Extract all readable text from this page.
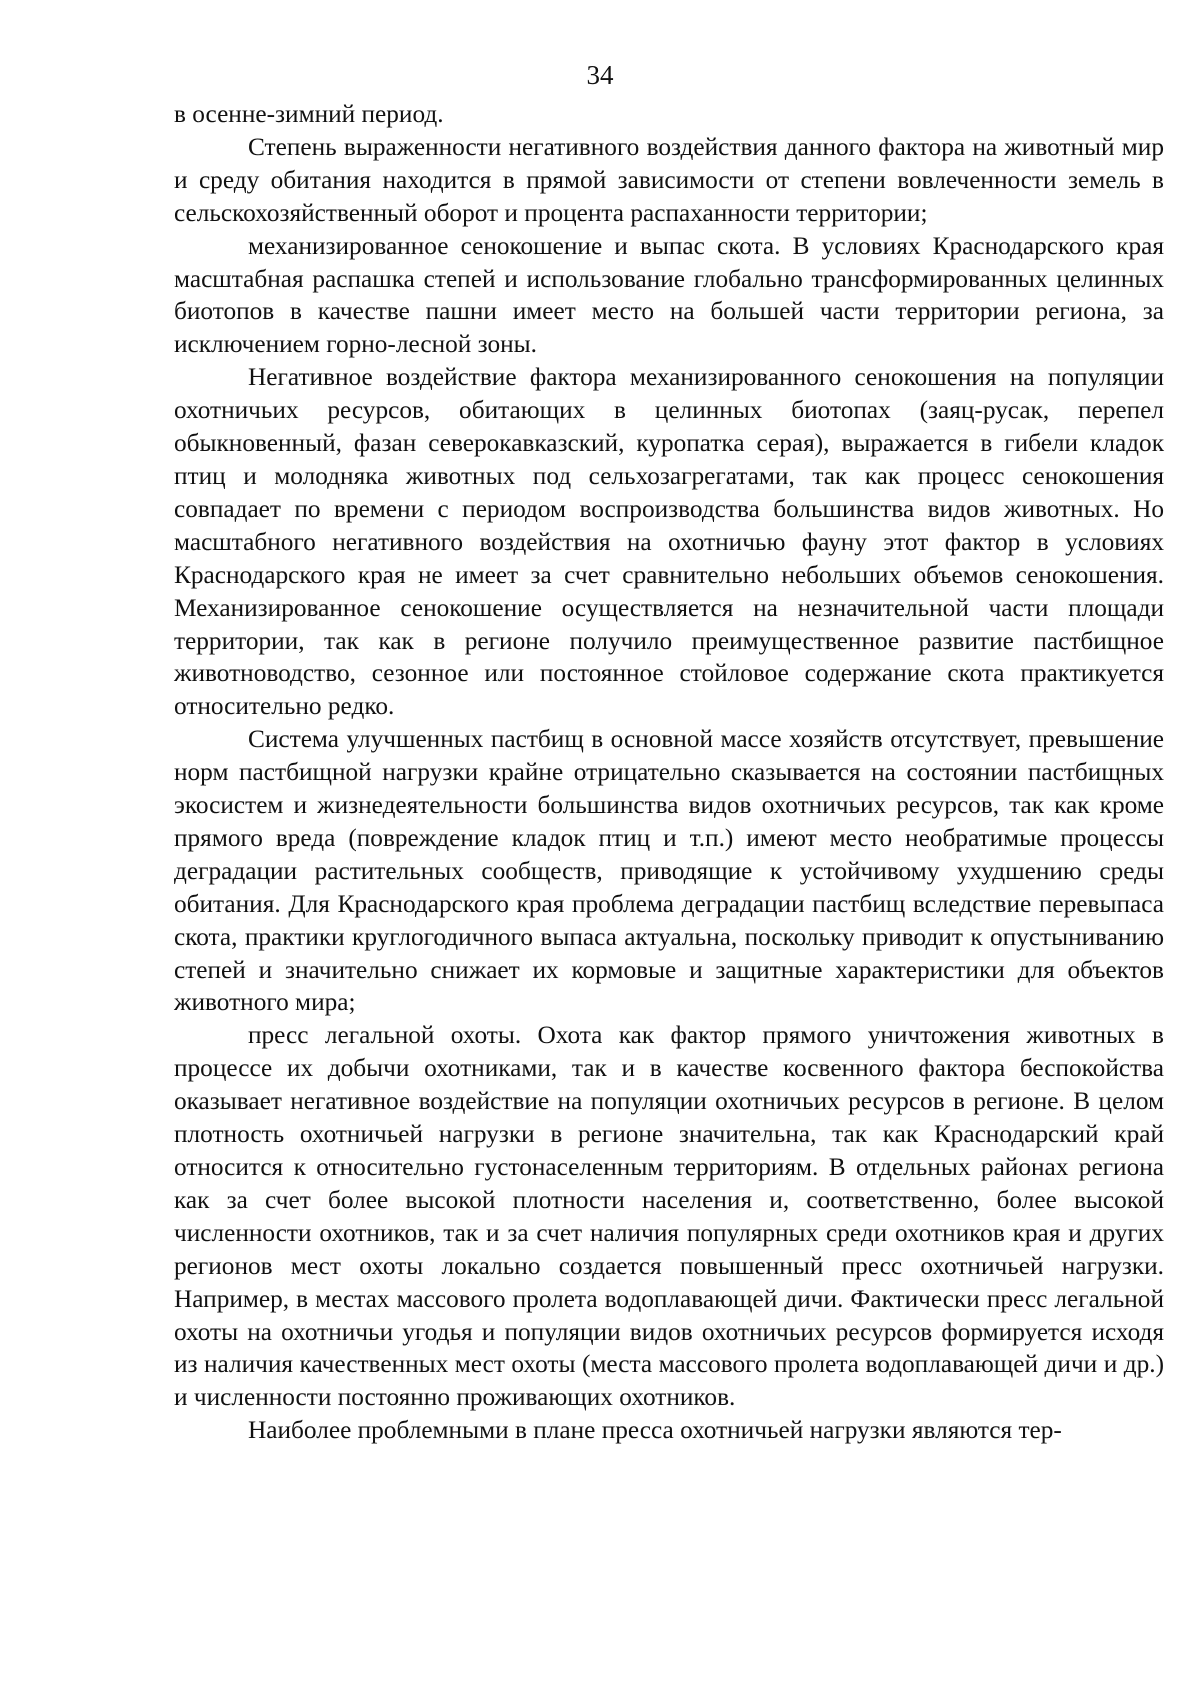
34

в осенне-зимний период.

Степень выраженности негативного воздействия данного фактора на животный мир и среду обитания находится в прямой зависимости от степени вовлеченности земель в сельскохозяйственный оборот и процента распаханности территории;

механизированное сенокошение и выпас скота. В условиях Краснодарского края масштабная распашка степей и использование глобально трансформированных целинных биотопов в качестве пашни имеет место на большей части территории региона, за исключением горно-лесной зоны.

Негативное воздействие фактора механизированного сенокошения на популяции охотничьих ресурсов, обитающих в целинных биотопах (заяц-русак, перепел обыкновенный, фазан северокавказский, куропатка серая), выражается в гибели кладок птиц и молодняка животных под сельхозагрегатами, так как процесс сенокошения совпадает по времени с периодом воспроизводства большинства видов животных. Но масштабного негативного воздействия на охотничью фауну этот фактор в условиях Краснодарского края не имеет за счет сравнительно небольших объемов сенокошения. Механизированное сенокошение осуществляется на незначительной части площади территории, так как в регионе получило преимущественное развитие пастбищное животноводство, сезонное или постоянное стойловое содержание скота практикуется относительно редко.

Система улучшенных пастбищ в основной массе хозяйств отсутствует, превышение норм пастбищной нагрузки крайне отрицательно сказывается на состоянии пастбищных экосистем и жизнедеятельности большинства видов охотничьих ресурсов, так как кроме прямого вреда (повреждение кладок птиц и т.п.) имеют место необратимые процессы деградации растительных сообществ, приводящие к устойчивому ухудшению среды обитания. Для Краснодарского края проблема деградации пастбищ вследствие перевыпаса скота, практики круглогодичного выпаса актуальна, поскольку приводит к опустыниванию степей и значительно снижает их кормовые и защитные характеристики для объектов животного мира;

пресс легальной охоты. Охота как фактор прямого уничтожения животных в процессе их добычи охотниками, так и в качестве косвенного фактора беспокойства оказывает негативное воздействие на популяции охотничьих ресурсов в регионе. В целом плотность охотничьей нагрузки в регионе значительна, так как Краснодарский край относится к относительно густонаселенным территориям. В отдельных районах региона как за счет более высокой плотности населения и, соответственно, более высокой численности охотников, так и за счет наличия популярных среди охотников края и других регионов мест охоты локально создается повышенный пресс охотничьей нагрузки. Например, в местах массового пролета водоплавающей дичи. Фактически пресс легальной охоты на охотничьи угодья и популяции видов охотничьих ресурсов формируется исходя из наличия качественных мест охоты (места массового пролета водоплавающей дичи и др.) и численности постоянно проживающих охотников.

Наиболее проблемными в плане пресса охотничьей нагрузки являются тер-
